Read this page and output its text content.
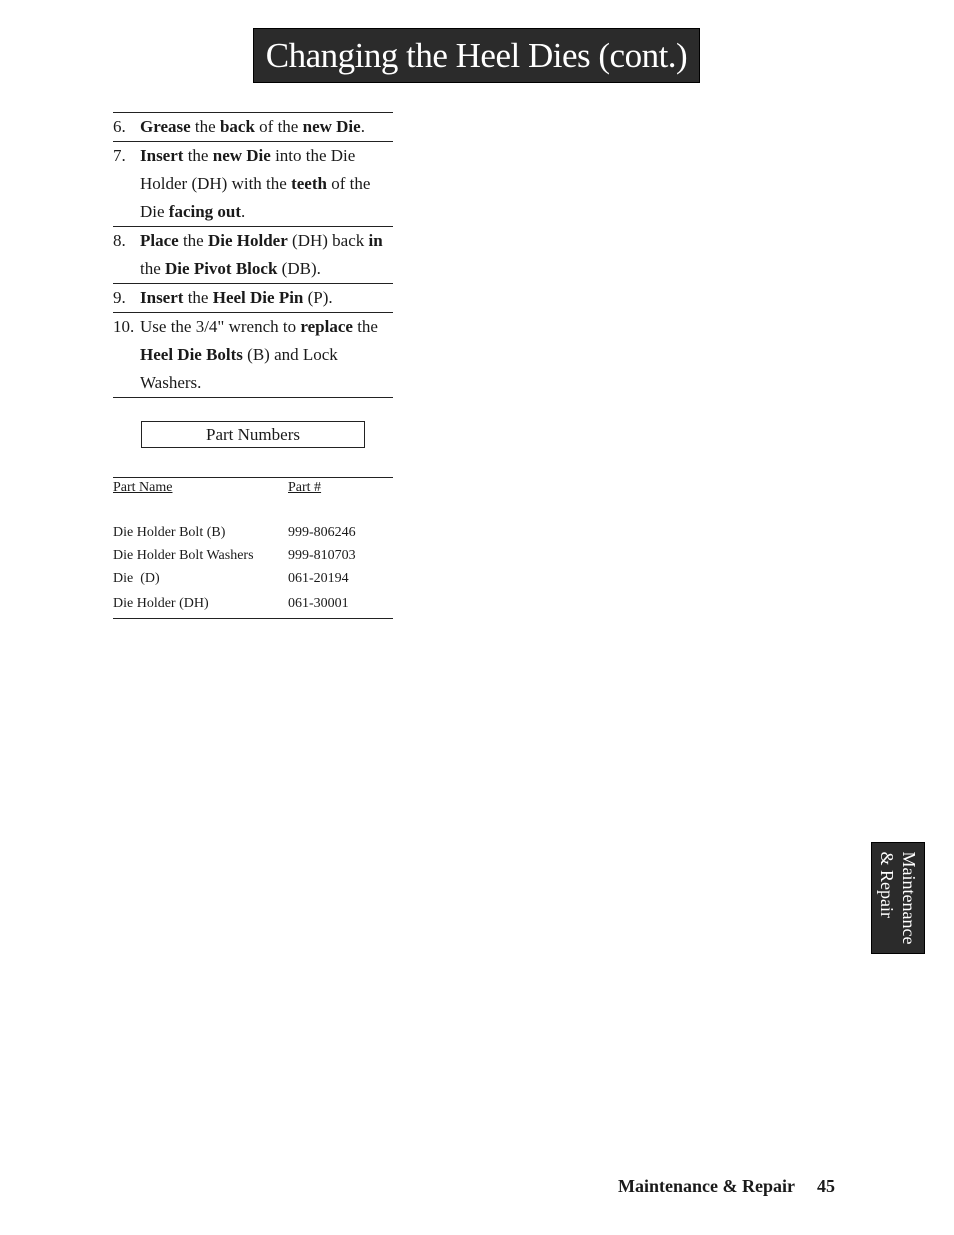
Changing the Heel Dies (cont.)
6. Grease the back of the new Die.
7. Insert the new Die into the Die Holder (DH) with the teeth of the Die facing out.
8. Place the Die Holder (DH) back in the Die Pivot Block (DB).
9. Insert the Heel Die Pin (P).
10. Use the 3/4" wrench to replace the Heel Die Bolts (B) and Lock Washers.
Part Numbers
Part Name	Part #
Die Holder Bolt (B)	999-806246
Die Holder Bolt Washers 999-810703
Die  (D)	061-20194
Die Holder (DH)	061-30001
Maintenance
& Repair
Maintenance & Repair 45
